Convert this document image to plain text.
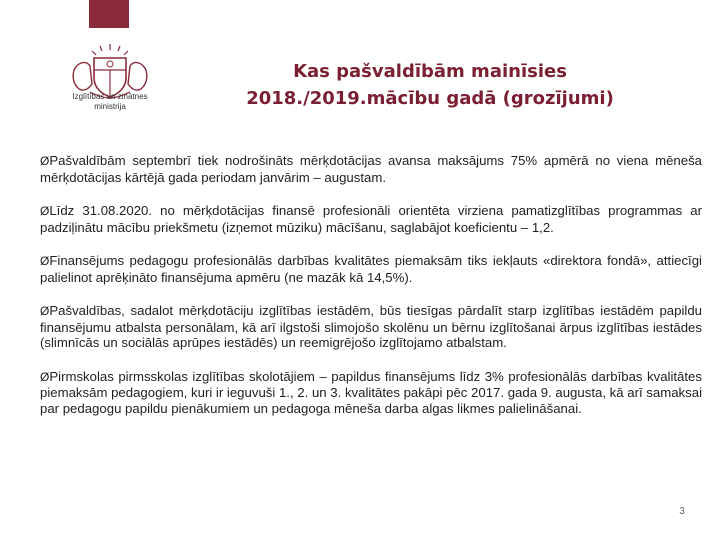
Izglītības un zinātnes
ministrija
Kas pašvaldībām mainīsies
2018./2019.mācību gadā (grozījumi)

ØPašvaldībām septembrī tiek nodrošināts mērķdotācijas avansa maksājums 75% apmērā no viena mēneša mērķdotācijas kārtējā gada periodam janvārim – augustam.

ØLīdz 31.08.2020. no mērķdotācijas finansē profesionāli orientēta virziena pamatizglītības programmas ar padziļinātu mācību priekšmetu (izņemot mūziku) mācīšanu, saglabājot koeficientu – 1,2.

ØFinansējums pedagogu profesionālās darbības kvalitātes piemaksām tiks iekļauts «direktora fondā», attiecīgi palielinot aprēķināto finansējuma apmēru (ne mazāk kā 14,5%).

ØPašvaldības, sadalot mērķdotāciju izglītības iestādēm, būs tiesīgas pārdalīt starp izglītības iestādēm papildu finansējumu atbalsta personālam, kā arī ilgstoši slimojošo skolēnu un bērnu izglītošanai ārpus izglītības iestādes (slimnīcās un sociālās aprūpes iestādēs) un reemigrējošo izglītojamo atbalstam.

ØPirmskolas pirmsskolas izglītības skolotājiem – papildus finansējums līdz 3% profesionālās darbības kvalitātes piemaksām pedagogiem, kuri ir ieguvuši 1., 2. un 3. kvalitātes pakāpi pēc 2017. gada 9. augusta, kā arī samaksai par pedagogu papildu pienākumiem un pedagoga mēneša darba algas likmes palielināšanai.

3
